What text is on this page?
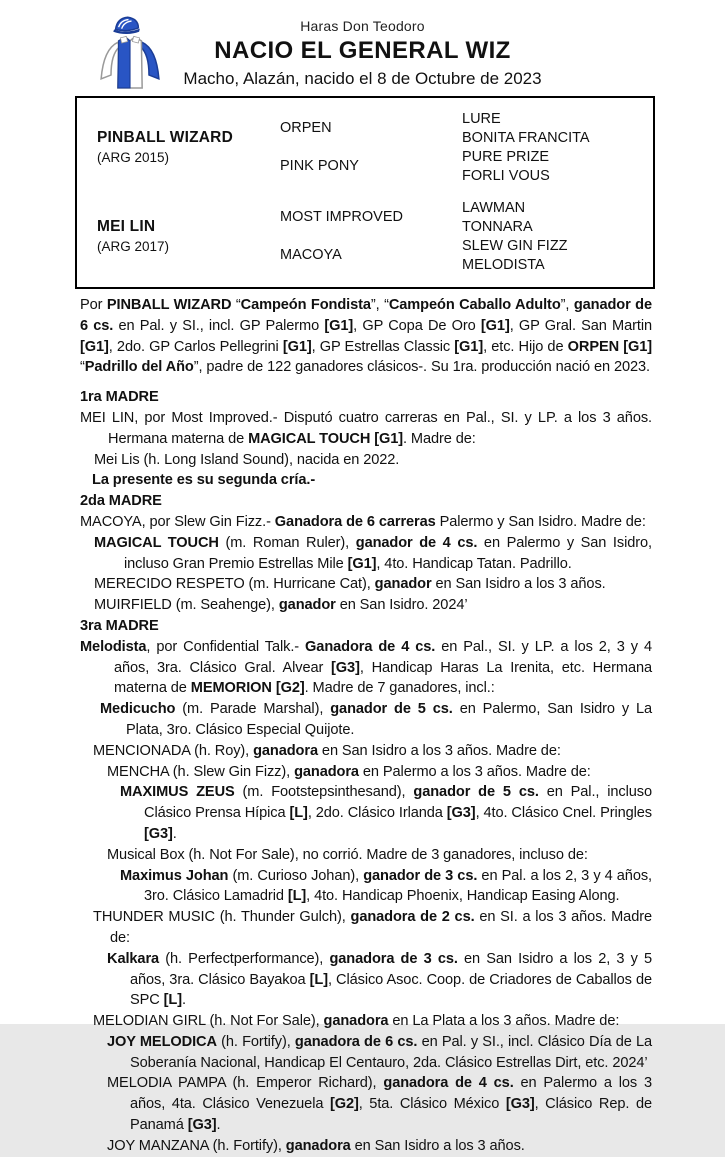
Haras Don Teodoro
NACIO EL GENERAL WIZ
Macho, Alazán, nacido el 8 de Octubre de 2023
PINBALL WIZARD
(ARG 2015)
ORPEN
PINK PONY
LURE
BONITA FRANCITA
PURE PRIZE
FORLI VOUS
MEI LIN
(ARG 2017)
MOST IMPROVED
MACOYA
LAWMAN
TONNARA
SLEW GIN FIZZ
MELODISTA
Por PINBALL WIZARD “Campeón Fondista”, “Campeón Caballo Adulto”, ganador de 6 cs. en Pal. y SI., incl. GP Palermo [G1], GP Copa De Oro [G1], GP Gral. San Martin [G1], 2do. GP Carlos Pellegrini [G1], GP Estrellas Classic [G1], etc. Hijo de ORPEN [G1] “Padrillo del Año”, padre de 122 ganadores clásicos-. Su 1ra. producción nació en 2023.
1ra MADRE
MEI LIN, por Most Improved.- Disputó cuatro carreras en Pal., SI. y LP. a los 3 años. Hermana materna de MAGICAL TOUCH [G1]. Madre de:
Mei Lis (h. Long Island Sound), nacida en 2022.
La presente es su segunda cría.-
2da MADRE
MACOYA, por Slew Gin Fizz.- Ganadora de 6 carreras Palermo y San Isidro. Madre de:
MAGICAL TOUCH (m. Roman Ruler), ganador de 4 cs. en Palermo y San Isidro, incluso Gran Premio Estrellas Mile [G1], 4to. Handicap Tatan. Padrillo.
MERECIDO RESPETO (m. Hurricane Cat), ganador en San Isidro a los 3 años.
MUIRFIELD (m. Seahenge), ganador en San Isidro. 2024’
3ra MADRE
Melodista, por Confidential Talk.- Ganadora de 4 cs. en Pal., SI. y LP. a los 2, 3 y 4 años, 3ra. Clásico Gral. Alvear [G3], Handicap Haras La Irenita, etc. Hermana materna de MEMORION [G2]. Madre de 7 ganadores, incl.:
Medicucho (m. Parade Marshal), ganador de 5 cs. en Palermo, San Isidro y La Plata, 3ro. Clásico Especial Quijote.
MENCIONADA (h. Roy), ganadora en San Isidro a los 3 años. Madre de:
MENCHA (h. Slew Gin Fizz), ganadora en Palermo a los 3 años. Madre de:
MAXIMUS ZEUS (m. Footstepsinthesand), ganador de 5 cs. en Pal., incluso Clásico Prensa Hípica [L], 2do. Clásico Irlanda [G3], 4to. Clásico Cnel. Pringles [G3].
Musical Box (h. Not For Sale), no corrió. Madre de 3 ganadores, incluso de:
Maximus Johan (m. Curioso Johan), ganador de 3 cs. en Pal. a los 2, 3 y 4 años, 3ro. Clásico Lamadrid [L], 4to. Handicap Phoenix, Handicap Easing Along.
THUNDER MUSIC (h. Thunder Gulch), ganadora de 2 cs. en SI. a los 3 años. Madre de:
Kalkara (h. Perfectperformance), ganadora de 3 cs. en San Isidro a los 2, 3 y 5 años, 3ra. Clásico Bayakoa [L], Clásico Asoc. Coop. de Criadores de Caballos de SPC [L].
MELODIAN GIRL (h. Not For Sale), ganadora en La Plata a los 3 años. Madre de:
JOY MELODICA (h. Fortify), ganadora de 6 cs. en Pal. y SI., incl. Clásico Día de La Soberanía Nacional, Handicap El Centauro, 2da. Clásico Estrellas Dirt, etc. 2024’
MELODIA PAMPA (h. Emperor Richard), ganadora de 4 cs. en Palermo a los 3 años, 4ta. Clásico Venezuela [G2], 5ta. Clásico México [G3], Clásico Rep. de Panamá [G3].
JOY MANZANA (h. Fortify), ganadora en San Isidro a los 3 años.
